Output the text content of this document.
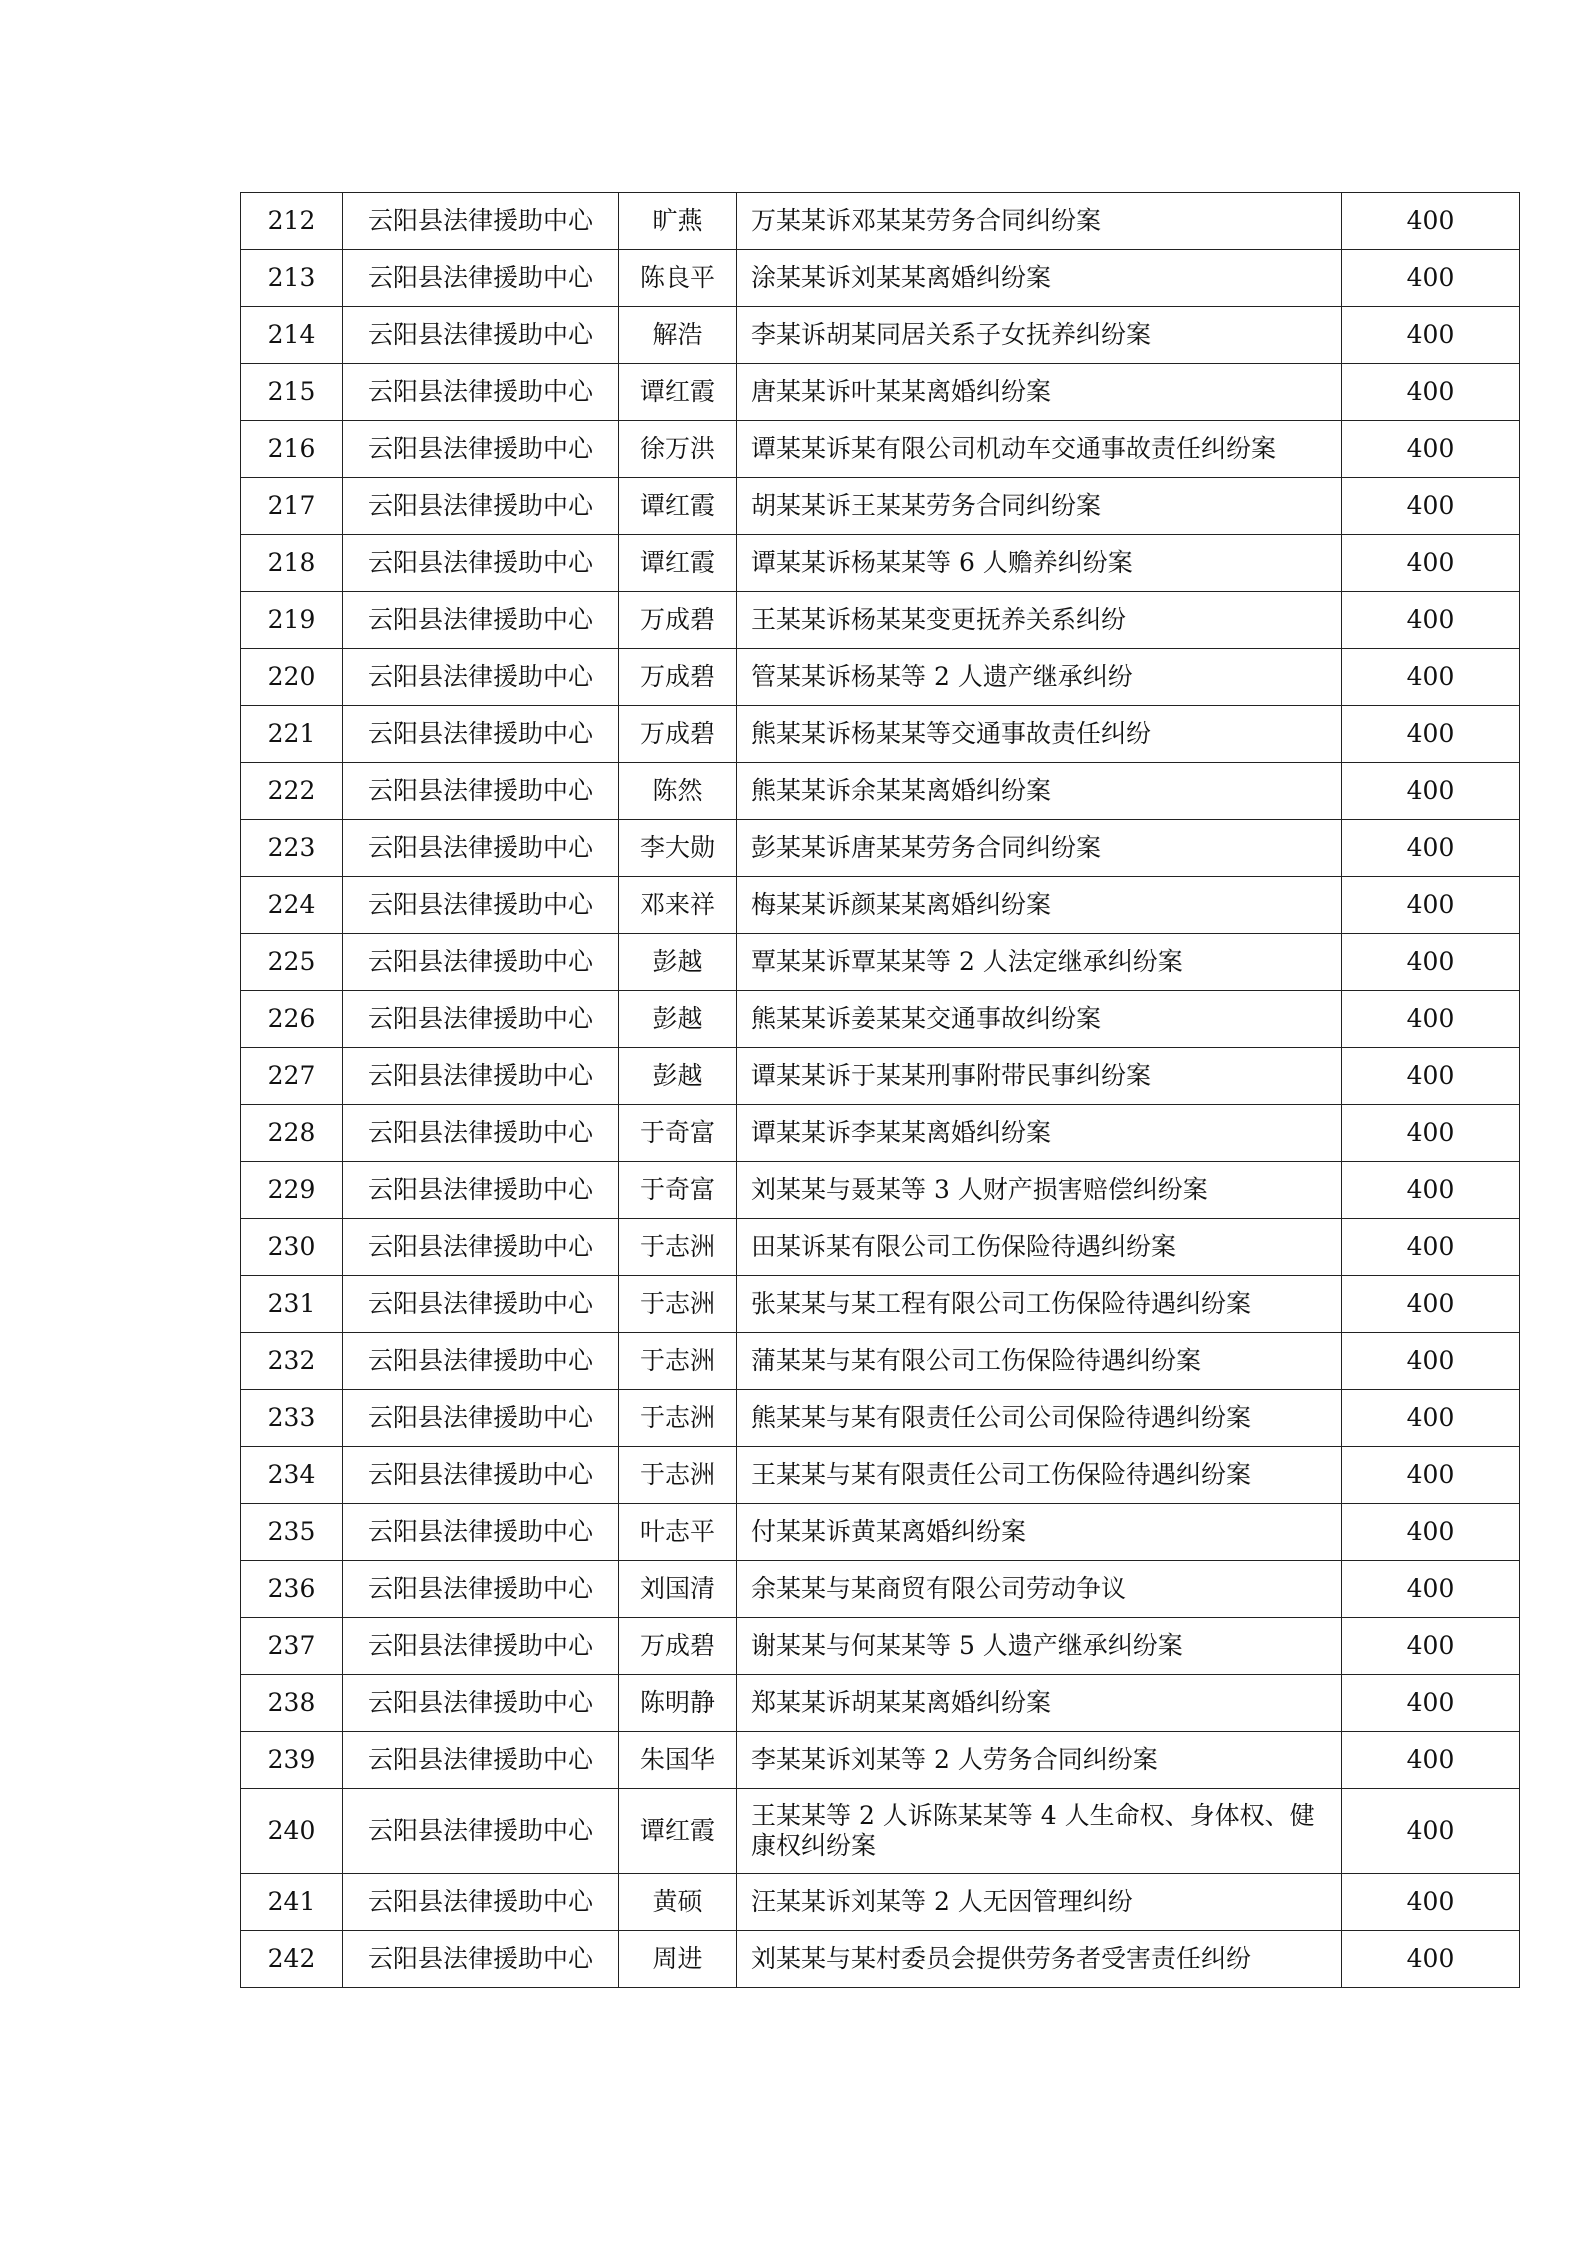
212	云阳县法律援助中心	旷燕	万某某诉邓某某劳务合同纠纷案	400
213	云阳县法律援助中心	陈良平	涂某某诉刘某某离婚纠纷案	400
214	云阳县法律援助中心	解浩	李某诉胡某同居关系子女抚养纠纷案	400
215	云阳县法律援助中心	谭红霞	唐某某诉叶某某离婚纠纷案	400
216	云阳县法律援助中心	徐万洪	谭某某诉某有限公司机动车交通事故责任纠纷案	400
217	云阳县法律援助中心	谭红霞	胡某某诉王某某劳务合同纠纷案	400
218	云阳县法律援助中心	谭红霞	谭某某诉杨某某等 6 人赡养纠纷案	400
219	云阳县法律援助中心	万成碧	王某某诉杨某某变更抚养关系纠纷	400
220	云阳县法律援助中心	万成碧	管某某诉杨某等 2 人遗产继承纠纷	400
221	云阳县法律援助中心	万成碧	熊某某诉杨某某等交通事故责任纠纷	400
222	云阳县法律援助中心	陈然	熊某某诉余某某离婚纠纷案	400
223	云阳县法律援助中心	李大勋	彭某某诉唐某某劳务合同纠纷案	400
224	云阳县法律援助中心	邓来祥	梅某某诉颜某某离婚纠纷案	400
225	云阳县法律援助中心	彭越	覃某某诉覃某某等 2 人法定继承纠纷案	400
226	云阳县法律援助中心	彭越	熊某某诉姜某某交通事故纠纷案	400
227	云阳县法律援助中心	彭越	谭某某诉于某某刑事附带民事纠纷案	400
228	云阳县法律援助中心	于奇富	谭某某诉李某某离婚纠纷案	400
229	云阳县法律援助中心	于奇富	刘某某与聂某等 3 人财产损害赔偿纠纷案	400
230	云阳县法律援助中心	于志洲	田某诉某有限公司工伤保险待遇纠纷案	400
231	云阳县法律援助中心	于志洲	张某某与某工程有限公司工伤保险待遇纠纷案	400
232	云阳县法律援助中心	于志洲	蒲某某与某有限公司工伤保险待遇纠纷案	400
233	云阳县法律援助中心	于志洲	熊某某与某有限责任公司公司保险待遇纠纷案	400
234	云阳县法律援助中心	于志洲	王某某与某有限责任公司工伤保险待遇纠纷案	400
235	云阳县法律援助中心	叶志平	付某某诉黄某离婚纠纷案	400
236	云阳县法律援助中心	刘国清	余某某与某商贸有限公司劳动争议	400
237	云阳县法律援助中心	万成碧	谢某某与何某某等 5 人遗产继承纠纷案	400
238	云阳县法律援助中心	陈明静	郑某某诉胡某某离婚纠纷案	400
239	云阳县法律援助中心	朱国华	李某某诉刘某等 2 人劳务合同纠纷案	400
240	云阳县法律援助中心	谭红霞	王某某等 2 人诉陈某某等 4 人生命权、身体权、健康权纠纷案	400
241	云阳县法律援助中心	黄硕	汪某某诉刘某等 2 人无因管理纠纷	400
242	云阳县法律援助中心	周进	刘某某与某村委员会提供劳务者受害责任纠纷	400
